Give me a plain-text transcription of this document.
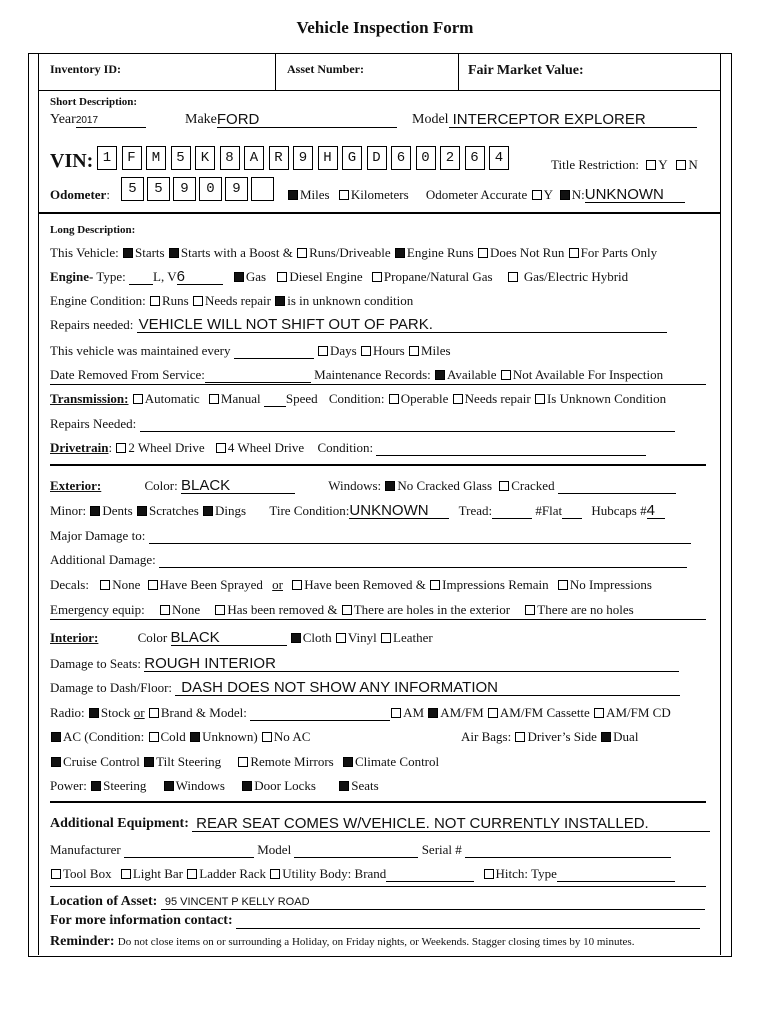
Vehicle Inspection Form
Inventory ID:	Asset Number:	Fair Market Value:
Short Description:
Year2017	MakeFORD	Model INTERCEPTOR EXPLORER
VIN: 1	F	M	5	K	8	A	R	9	H	G	D	6	0	2	6	4	Title Restriction: Y N
Odometer:	5	5	9	0	9	Miles Kilometers Odometer Accurate Y N:UNKNOWN
Long Description:
This Vehicle: Starts Starts with a Boost & Runs/Driveable Engine Runs Does Not Run For Parts Only
Engine- Type: L, V6	Gas Diesel Engine Propane/Natural Gas Gas/Electric Hybrid
Engine Condition: Runs Needs repair is in unknown condition
Repairs needed: VEHICLE WILL NOT SHIFT OUT OF PARK.
This vehicle was maintained every	Days Hours Miles
Date Removed From Service:	Maintenance Records: Available Not Available For Inspection
Transmission: Automatic Manual Speed Condition: Operable Needs repair Is Unknown Condition
Repairs Needed:
Drivetrain: 2 Wheel Drive 4 Wheel Drive Condition:
Exterior:	Color: BLACK	Windows: No Cracked Glass Cracked
Minor: Dents Scratches Dings Tire Condition:UNKNOWN Tread:	#Flat Hubcaps #4
Major Damage to:
Additional Damage:
Decals: None Have Been Sprayed or Have been Removed & Impressions Remain No Impressions
Emergency equip: None Has been removed & There are holes in the exterior There are no holes
Interior:	Color BLACK	Cloth Vinyl Leather
Damage to Seats: ROUGH INTERIOR
Damage to Dash/Floor: DASH DOES NOT SHOW ANY INFORMATION
Radio: Stock or Brand & Model:	AM AM/FM AM/FM Cassette AM/FM CD
AC (Condition: Cold Unknown) No AC	Air Bags: Driver’s Side Dual
Cruise Control Tilt Steering Remote Mirrors Climate Control
Power: Steering Windows Door Locks	Seats
Additional Equipment: REAR SEAT COMES W/VEHICLE. NOT CURRENTLY INSTALLED.
Manufacturer	Model	Serial #
Tool Box Light Bar Ladder Rack Utility Body: Brand	Hitch: Type
Location of Asset: 95 VINCENT P KELLY ROAD
For more information contact:
Reminder: Do not close items on or surrounding a Holiday, on Friday nights, or Weekends. Stagger closing times by 10 minutes.
